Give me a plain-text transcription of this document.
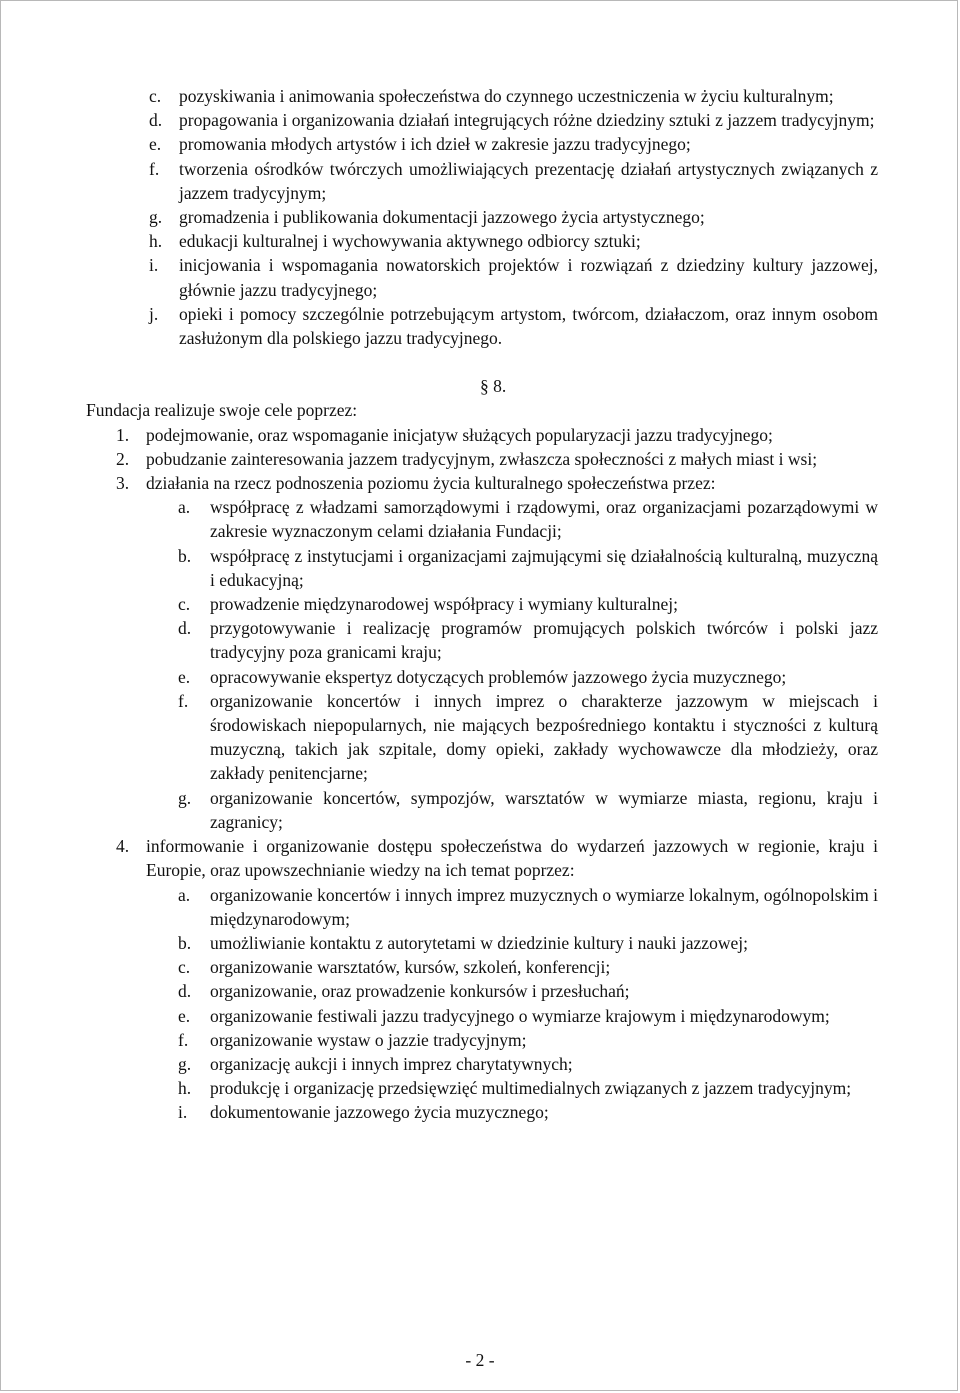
c.	pozyskiwania i animowania społeczeństwa do czynnego uczestniczenia w życiu kulturalnym;
d. propagowania i organizowania działań integrujących różne dziedziny sztuki z jazzem tradycyjnym;
e.	promowania młodych artystów i ich dzieł w zakresie jazzu tradycyjnego;
f.	tworzenia ośrodków twórczych umożliwiających prezentację działań artystycznych związanych z jazzem tradycyjnym;
g. gromadzenia i publikowania dokumentacji jazzowego życia artystycznego;
h. edukacji kulturalnej i wychowywania aktywnego odbiorcy sztuki;
i.	inicjowania i wspomagania nowatorskich projektów i rozwiązań z dziedziny kultury jazzowej, głównie jazzu tradycyjnego;
j.	opieki i pomocy szczególnie potrzebującym artystom, twórcom, działaczom, oraz innym osobom zasłużonym dla polskiego jazzu tradycyjnego.
§ 8.
Fundacja realizuje swoje cele poprzez:
1. podejmowanie, oraz wspomaganie inicjatyw służących popularyzacji jazzu tradycyjnego;
2. pobudzanie zainteresowania jazzem tradycyjnym, zwłaszcza społeczności z małych miast i wsi;
3. działania na rzecz podnoszenia poziomu życia kulturalnego społeczeństwa przez:
a.	współpracę z władzami samorządowymi i rządowymi, oraz organizacjami pozarządowymi w zakresie wyznaczonym celami działania Fundacji;
b.	współpracę z instytucjami i organizacjami zajmującymi się działalnością kulturalną, muzyczną i edukacyjną;
c.	prowadzenie międzynarodowej współpracy i wymiany kulturalnej;
d.	przygotowywanie i realizację programów promujących polskich twórców i polski jazz tradycyjny poza granicami kraju;
e.	opracowywanie ekspertyz dotyczących problemów jazzowego życia muzycznego;
f.	organizowanie koncertów i innych imprez o charakterze jazzowym w miejscach i środowiskach niepopularnych, nie mających bezpośredniego kontaktu i styczności z kulturą muzyczną, takich jak szpitale, domy opieki, zakłady wychowawcze dla młodzieży, oraz zakłady penitencjarne;
g.	organizowanie koncertów, sympozjów, warsztatów w wymiarze miasta, regionu, kraju i zagranicy;
4. informowanie i organizowanie dostępu społeczeństwa do wydarzeń jazzowych w regionie, kraju i Europie, oraz upowszechnianie wiedzy na ich temat poprzez:
a.	organizowanie koncertów i innych imprez muzycznych o wymiarze lokalnym, ogólnopolskim i międzynarodowym;
b.	umożliwianie kontaktu z autorytetami w dziedzinie kultury i nauki jazzowej;
c.	organizowanie warsztatów, kursów, szkoleń, konferencji;
d.	organizowanie, oraz prowadzenie konkursów i przesłuchań;
e.	organizowanie festiwali jazzu tradycyjnego o wymiarze krajowym i międzynarodowym;
f.	organizowanie wystaw o jazzie tradycyjnym;
g.	organizację aukcji i innych imprez charytatywnych;
h.	produkcję i organizację przedsięwzięć multimedialnych związanych z jazzem tradycyjnym;
i.	dokumentowanie jazzowego życia muzycznego;
- 2 -
